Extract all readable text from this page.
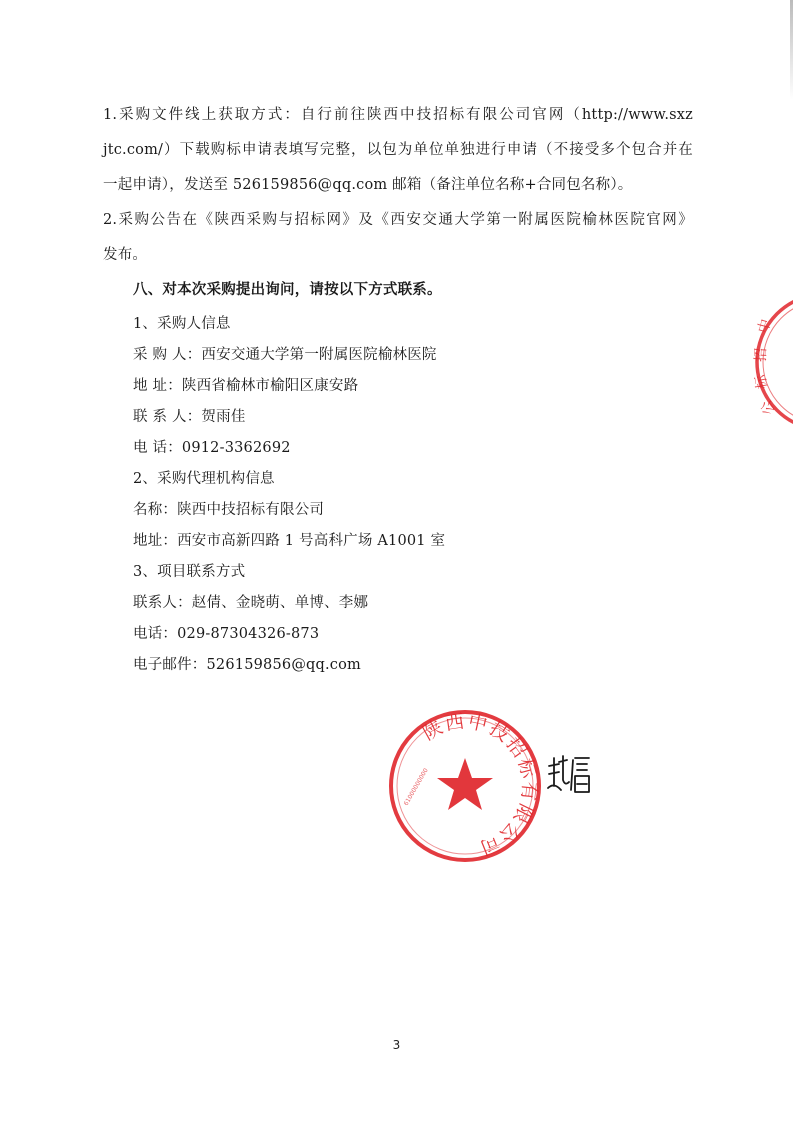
1.采购文件线上获取方式：自行前往陕西中技招标有限公司官网（http://www.sxz
jtc.com/）下载购标申请表填写完整，以包为单位单独进行申请（不接受多个包合并在
一起申请），发送至 526159856@qq.com 邮箱（备注单位名称+合同包名称）。
2.采购公告在《陕西采购与招标网》及《西安交通大学第一附属医院榆林医院官网》
发布。
八、对本次采购提出询问，请按以下方式联系。
1、采购人信息
采 购 人：西安交通大学第一附属医院榆林医院
地 址：陕西省榆林市榆阳区康安路
联 系 人：贺雨佳
电 话：0912-3362692
2、采购代理机构信息
名称：陕西中技招标有限公司
地址：西安市高新四路 1 号高科广场 A1001 室
3、项目联系方式
联系人：赵倩、金晓萌、单博、李娜
电话：029-87304326-873
电子邮件：526159856@qq.com
中
招
标
公
陕西中技招标有限公司
61000000000
3
